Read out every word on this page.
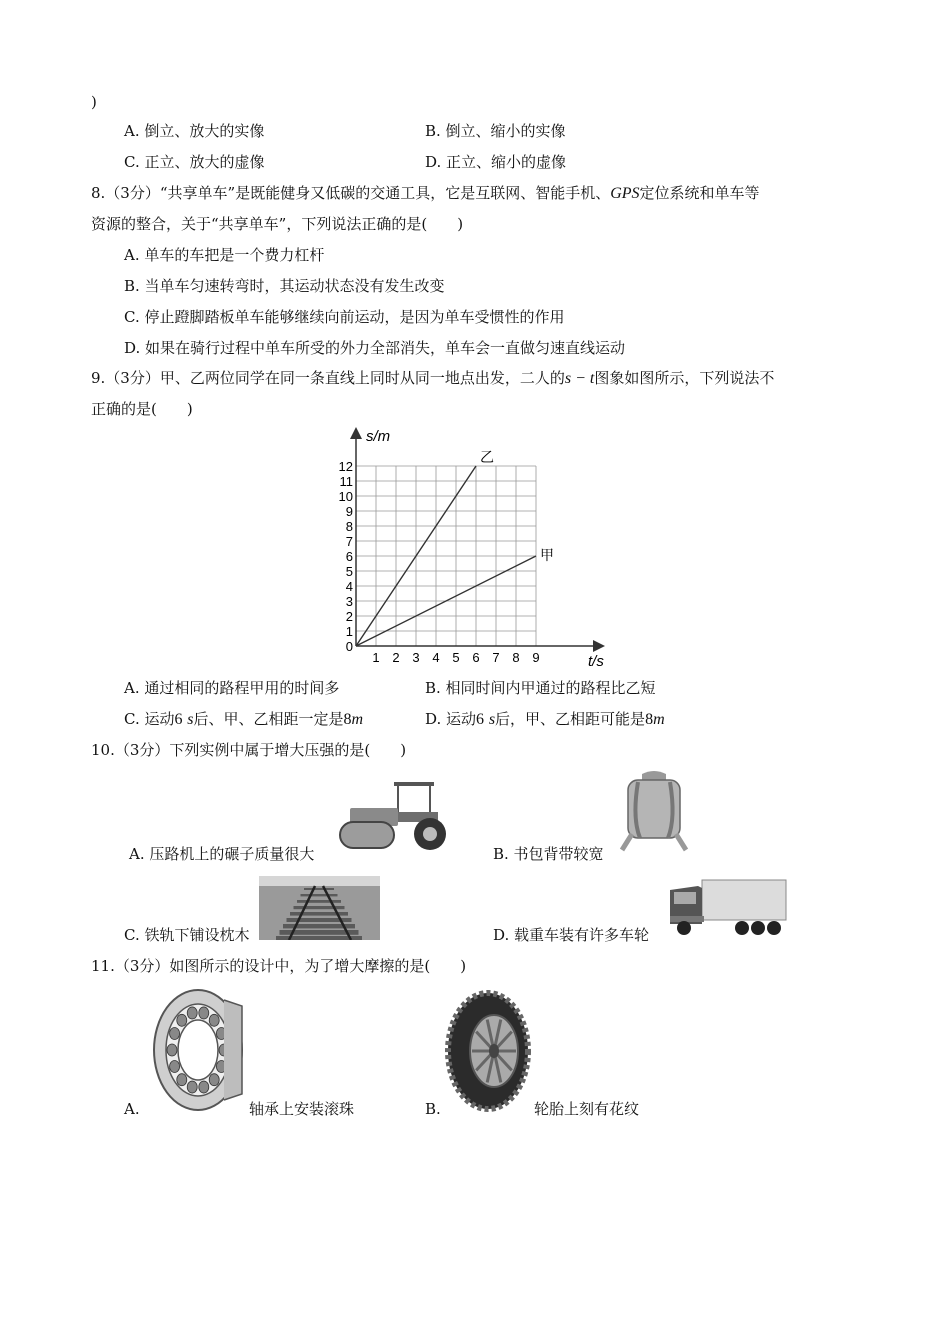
)
A. 倒立、放大的实像	B. 倒立、缩小的实像
C. 正立、放大的虚像	D. 正立、缩小的虚像
8.（3分）“共享单车”是既能健身又低碳的交通工具，它是互联网、智能手机、GPS定位系统和单车等
资源的整合，关于“共享单车”，下列说法正确的是(　　)
A. 单车的车把是一个费力杠杆
B. 当单车匀速转弯时，其运动状态没有发生改变
C. 停止蹬脚踏板单车能够继续向前运动，是因为单车受惯性的作用
D. 如果在骑行过程中单车所受的外力全部消失，单车会一直做匀速直线运动
9.（3分）甲、乙两位同学在同一条直线上同时从同一地点出发，二人的s − t图象如图所示，下列说法不
正确的是(　　)
s/m
t/s
1 2 3 4 5 6 7 8 9
0
1
2
3
4
5
6
7
8
9
10
11
12
乙
甲
A. 通过相同的路程甲用的时间多	B. 相同时间内甲通过的路程比乙短
C. 运动6 s后、甲、乙相距一定是8m	D. 运动6 s后，甲、乙相距可能是8m
10.（3分）下列实例中属于增大压强的是(　　)
A. 压路机上的碾子质量很大	B. 书包背带较宽
C. 铁轨下铺设枕木	D. 载重车装有许多车轮
11.（3分）如图所示的设计中，为了增大摩擦的是(　　)
A.	轴承上安装滚珠	B.	轮胎上刻有花纹
